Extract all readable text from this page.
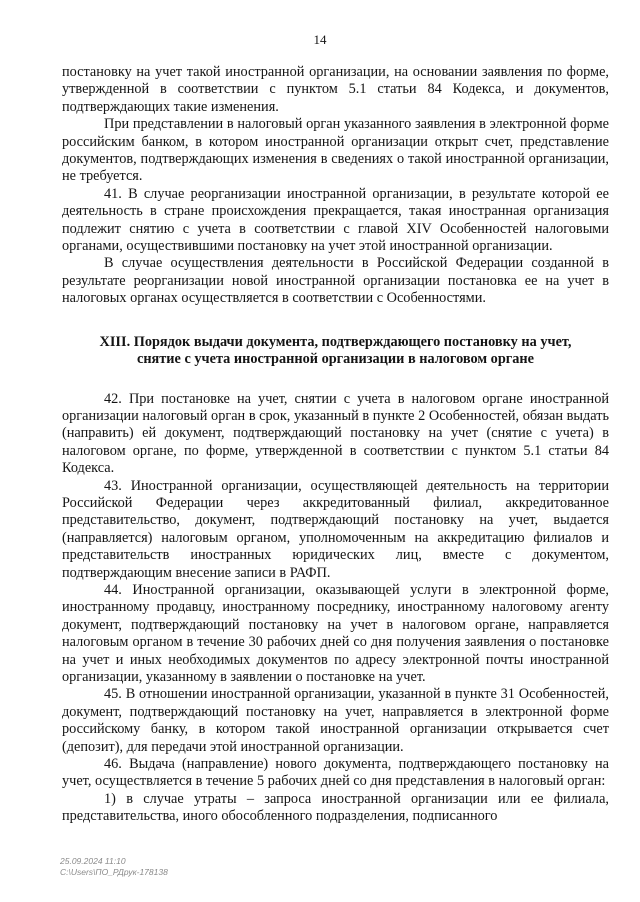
14

постановку на учет такой иностранной организации, на основании заявления по форме, утвержденной в соответствии с пунктом 5.1 статьи 84 Кодекса, и документов, подтверждающих такие изменения.

При представлении в налоговый орган указанного заявления в электронной форме российским банком, в котором иностранной организации открыт счет, представление документов, подтверждающих изменения в сведениях о такой иностранной организации, не требуется.

41. В случае реорганизации иностранной организации, в результате которой ее деятельность в стране происхождения прекращается, такая иностранная организация подлежит снятию с учета в соответствии с главой XIV Особенностей налоговыми органами, осуществившими постановку на учет этой иностранной организации.

В случае осуществления деятельности в Российской Федерации созданной в результате реорганизации новой иностранной организации постановка ее на учет в налоговых органах осуществляется в соответствии с Особенностями.

XIII. Порядок выдачи документа, подтверждающего постановку на учет,
снятие с учета иностранной организации в налоговом органе

42. При постановке на учет, снятии с учета в налоговом органе иностранной организации налоговый орган в срок, указанный в пункте 2 Особенностей, обязан выдать (направить) ей документ, подтверждающий постановку на учет (снятие с учета) в налоговом органе, по форме, утвержденной в соответствии с пунктом 5.1 статьи 84 Кодекса.

43. Иностранной организации, осуществляющей деятельность на территории Российской Федерации через аккредитованный филиал, аккредитованное представительство, документ, подтверждающий постановку на учет, выдается (направляется) налоговым органом, уполномоченным на аккредитацию филиалов и представительств иностранных юридических лиц, вместе с документом, подтверждающим внесение записи в РАФП.

44. Иностранной организации, оказывающей услуги в электронной форме, иностранному продавцу, иностранному посреднику, иностранному налоговому агенту документ, подтверждающий постановку на учет в налоговом органе, направляется налоговым органом в течение 30 рабочих дней со дня получения заявления о постановке на учет и иных необходимых документов по адресу электронной почты иностранной организации, указанному в заявлении о постановке на учет.

45. В отношении иностранной организации, указанной в пункте 31 Особенностей, документ, подтверждающий постановку на учет, направляется в электронной форме российскому банку, в котором такой иностранной организации открывается счет (депозит), для передачи этой иностранной организации.

46. Выдача (направление) нового документа, подтверждающего постановку на учет, осуществляется в течение 5 рабочих дней со дня представления в налоговый орган:

1) в случае утраты – запроса иностранной организации или ее филиала, представительства, иного обособленного подразделения, подписанного

25.09.2024 11:10
C:\Users\ПО_РДрук-178138
